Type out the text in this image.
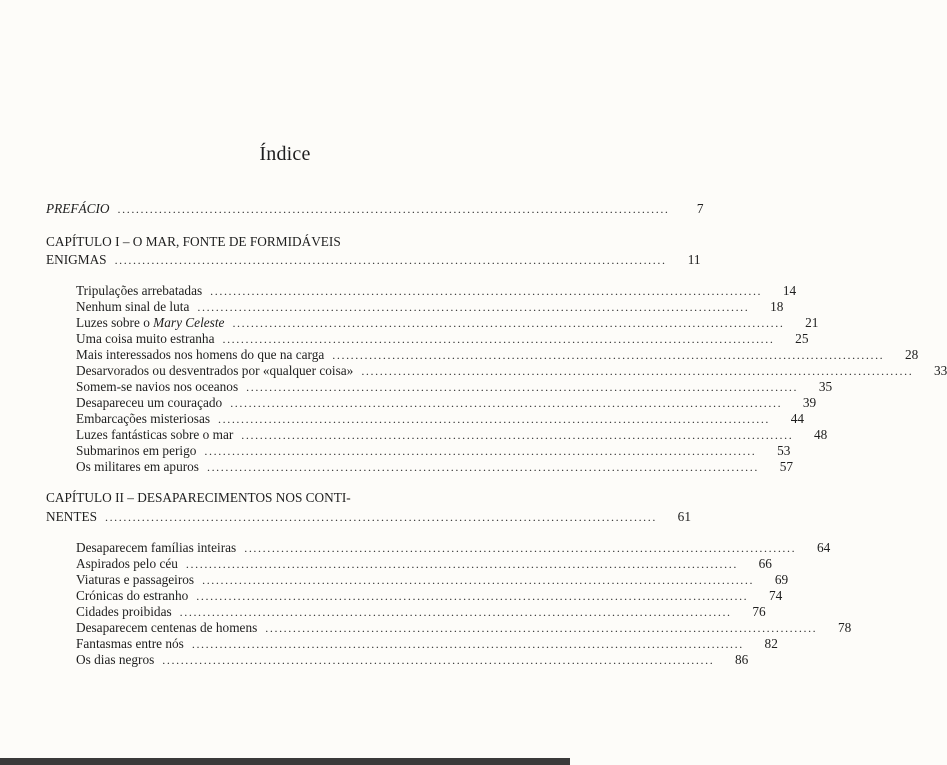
Índice
PREFÁCIO ........................................................................................................................	7
CAPÍTULO I – O MAR, FONTE DE FORMIDÁVEIS
ENIGMAS ........................................................................................................................	11
Tripulações arrebatadas ........................................................................................................................	14
Nenhum sinal de luta ........................................................................................................................	18
Luzes sobre o Mary Celeste ........................................................................................................................	21
Uma coisa muito estranha ........................................................................................................................	25
Mais interessados nos homens do que na carga ........................................................................................................................	28
Desarvorados ou desventrados por «qualquer coisa» ........................................................................................................................	33
Somem-se navios nos oceanos ........................................................................................................................	35
Desapareceu um couraçado ........................................................................................................................	39
Embarcações misteriosas ........................................................................................................................	44
Luzes fantásticas sobre o mar ........................................................................................................................	48
Submarinos em perigo ........................................................................................................................	53
Os militares em apuros ........................................................................................................................	57
CAPÍTULO II – DESAPARECIMENTOS NOS CONTI-
NENTES ........................................................................................................................	61
Desaparecem famílias inteiras ........................................................................................................................	64
Aspirados pelo céu ........................................................................................................................	66
Viaturas e passageiros ........................................................................................................................	69
Crónicas do estranho ........................................................................................................................	74
Cidades proibidas ........................................................................................................................	76
Desaparecem centenas de homens ........................................................................................................................	78
Fantasmas entre nós ........................................................................................................................	82
Os dias negros ........................................................................................................................	86
